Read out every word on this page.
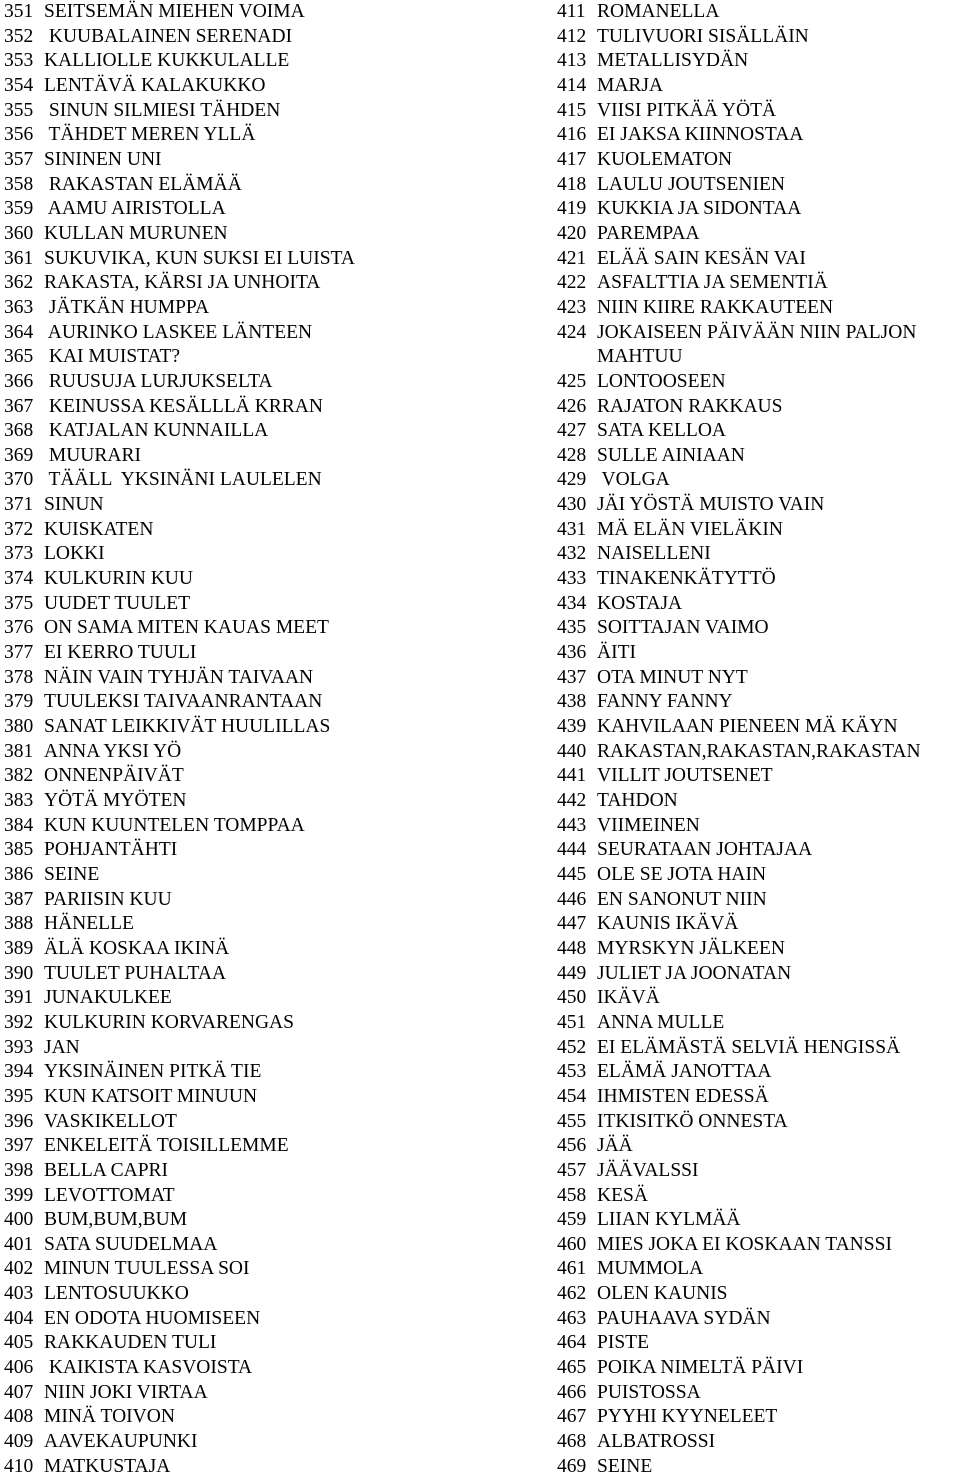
351 SEITSEMÄN MIEHEN VOIMA
352 KUUBALAINEN SERENADI
353 KALLIOLLE KUKKULALLE
354 LENTÄVÄ KALAKUKKO
355 SINUN SILMIESI TÄHDEN
356 TÄHDET MEREN YLLÄ
357 SININEN UNI
358 RAKASTAN ELÄMÄÄ
359 AAMU AIRISTOLLA
360 KULLAN MURUNEN
361 SUKUVIKA, KUN SUKSI EI LUISTA
362 RAKASTA, KÄRSI JA UNHOITA
363 JÄTKÄN HUMPPA
364 AURINKO LASKEE LÄNTEEN
365 KAI MUISTAT?
366 RUUSUJA LURJUKSELTA
367 KEINUSSA KESÄLLLÄ KRRAN
368 KATJALAN KUNNAILLA
369 MUURARI
370 TÄÄLL  YKSINÄNI LAULELEN
371 SINUN
372 KUISKATEN
373 LOKKI
374 KULKURIN KUU
375 UUDET TUULET
376 ON SAMA MITEN KAUAS MEET
377 EI KERRO TUULI
378 NÄIN VAIN TYHJÄN TAIVAAN
379 TUULEKSI TAIVAANRANTAAN
380 SANAT LEIKKIVÄT HUULILLAS
381 ANNA YKSI YÖ
382 ONNENPÄIVÄT
383 YÖTÄ MYÖTEN
384 KUN KUUNTELEN TOMPPAA
385 POHJANTÄHTI
386 SEINE
387 PARIISIN KUU
388 HÄNELLE
389 ÄLÄ KOSKAA IKINÄ
390 TUULET PUHALTAA
391 JUNAKULKEE
392 KULKURIN KORVARENGAS
393 JAN
394 YKSINÄINEN PITKÄ TIE
395 KUN KATSOIT MINUUN
396 VASKIKELLOT
397 ENKELEITÄ TOISILLEMME
398 BELLA CAPRI
399 LEVOTTOMAT
400 BUM,BUM,BUM
401 SATA SUUDELMAA
402 MINUN TUULESSA SOI
403 LENTOSUUKKO
404 EN ODOTA HUOMISEEN
405 RAKKAUDEN TULI
406 KAIKISTA KASVOISTA
407 NIIN JOKI VIRTAA
408 MINÄ TOIVON
409 AAVEKAUPUNKI
410 MATKUSTAJA
411 ROMANELLA
412 TULIVUORI SISÄLLÄIN
413 METALLISYDÄN
414 MARJA
415 VIISI PITKÄÄ YÖTÄ
416 EI JAKSA KIINNOSTAA
417 KUOLEMATON
418 LAULU JOUTSENIEN
419 KUKKIA JA SIDONTAA
420 PAREMPAA
421 ELÄÄ SAIN KESÄN VAI
422 ASFALTTIA JA SEMENTIÄ
423 NIIN KIIRE RAKKAUTEEN
424 JOKAISEEN PÄIVÄÄN NIIN PALJON
MAHTUU
425 LONTOOSEEN
426 RAJATON RAKKAUS
427 SATA KELLOA
428 SULLE AINIAAN
429 VOLGA
430 JÄI YÖSTÄ MUISTO VAIN
431 MÄ ELÄN VIELÄKIN
432 NAISELLENI
433 TINAKENKÄTYTTÖ
434 KOSTAJA
435 SOITTAJAN VAIMO
436 ÄITI
437 OTA MINUT NYT
438 FANNY FANNY
439 KAHVILAAN PIENEEN MÄ KÄYN
440 RAKASTAN,RAKASTAN,RAKASTAN
441 VILLIT JOUTSENET
442 TAHDON
443 VIIMEINEN
444 SEURATAAN JOHTAJAA
445 OLE SE JOTA HAIN
446 EN SANONUT NIIN
447 KAUNIS IKÄVÄ
448 MYRSKYN JÄLKEEN
449 JULIET JA JOONATAN
450 IKÄVÄ
451 ANNA MULLE
452 EI ELÄMÄSTÄ SELVIÄ HENGISSÄ
453 ELÄMÄ JANOTTAA
454 IHMISTEN EDESSÄ
455 ITKISITKÖ ONNESTA
456 JÄÄ
457 JÄÄVALSSI
458 KESÄ
459 LIIAN KYLMÄÄ
460 MIES JOKA EI KOSKAAN TANSSI
461 MUMMOLA
462 OLEN KAUNIS
463 PAUHAAVA SYDÄN
464 PISTE
465 POIKA NIMELTÄ PÄIVI
466 PUISTOSSA
467 PYYHI KYYNELEET
468 ALBATROSSI
469 SEINE
